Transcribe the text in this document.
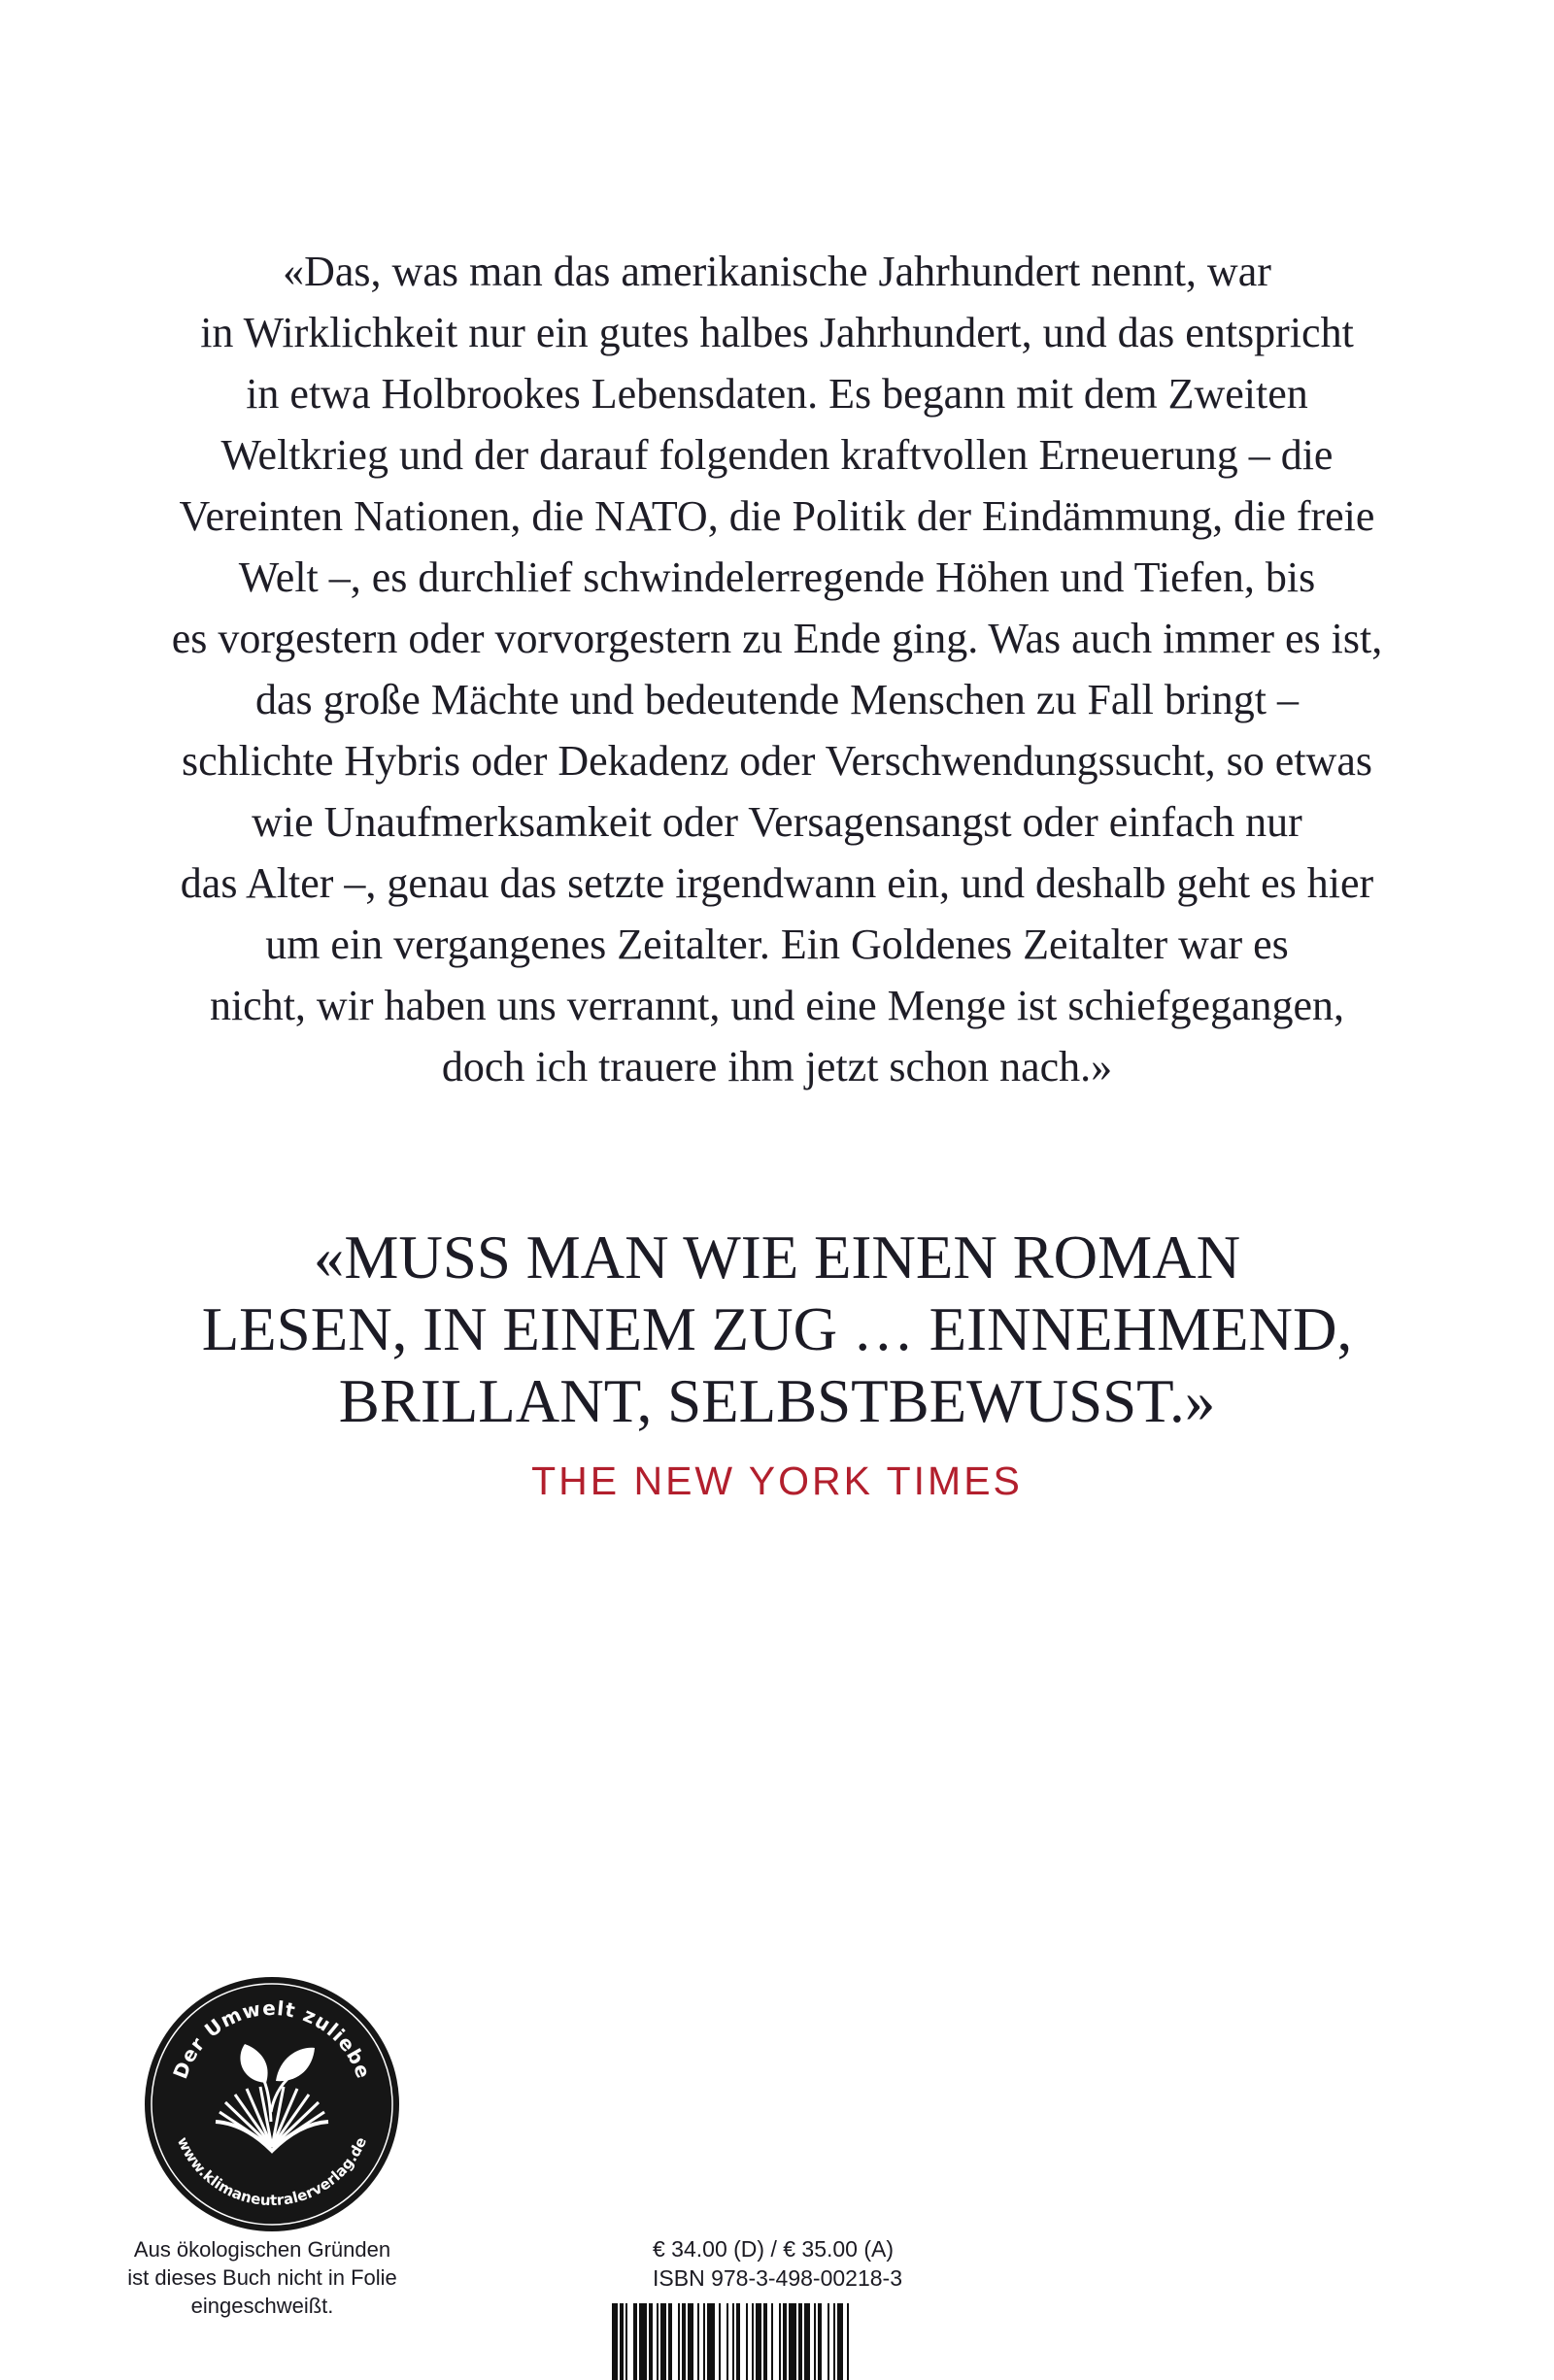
«Das, was man das amerikanische Jahrhundert nennt, war
in Wirklichkeit nur ein gutes halbes Jahrhundert, und das entspricht
in etwa Holbrookes Lebensdaten. Es begann mit dem Zweiten
Weltkrieg und der darauf folgenden kraftvollen Erneuerung – die
Vereinten Nationen, die NATO, die Politik der Eindämmung, die freie
Welt –, es durchlief schwindelerregende Höhen und Tiefen, bis
es vorgestern oder vorvorgestern zu Ende ging. Was auch immer es ist,
das große Mächte und bedeutende Menschen zu Fall bringt –
schlichte Hybris oder Dekadenz oder Verschwendungssucht, so etwas
wie Unaufmerksamkeit oder Versagensangst oder einfach nur
das Alter –, genau das setzte irgendwann ein, und deshalb geht es hier
um ein vergangenes Zeitalter. Ein Goldenes Zeitalter war es
nicht, wir haben uns verrannt, und eine Menge ist schiefgegangen,
doch ich trauere ihm jetzt schon nach.»
«MUSS MAN WIE EINEN ROMAN
LESEN, IN EINEM ZUG … EINNEHMEND,
BRILLANT, SELBSTBEWUSST.»
THE NEW YORK TIMES
Der Umwelt zuliebe
www.klimaneutralerverlag.de
Aus ökologischen Gründen
ist dieses Buch nicht in Folie
eingeschweißt.
€ 34.00 (D) / € 35.00 (A)
ISBN 978-3-498-00218-3
